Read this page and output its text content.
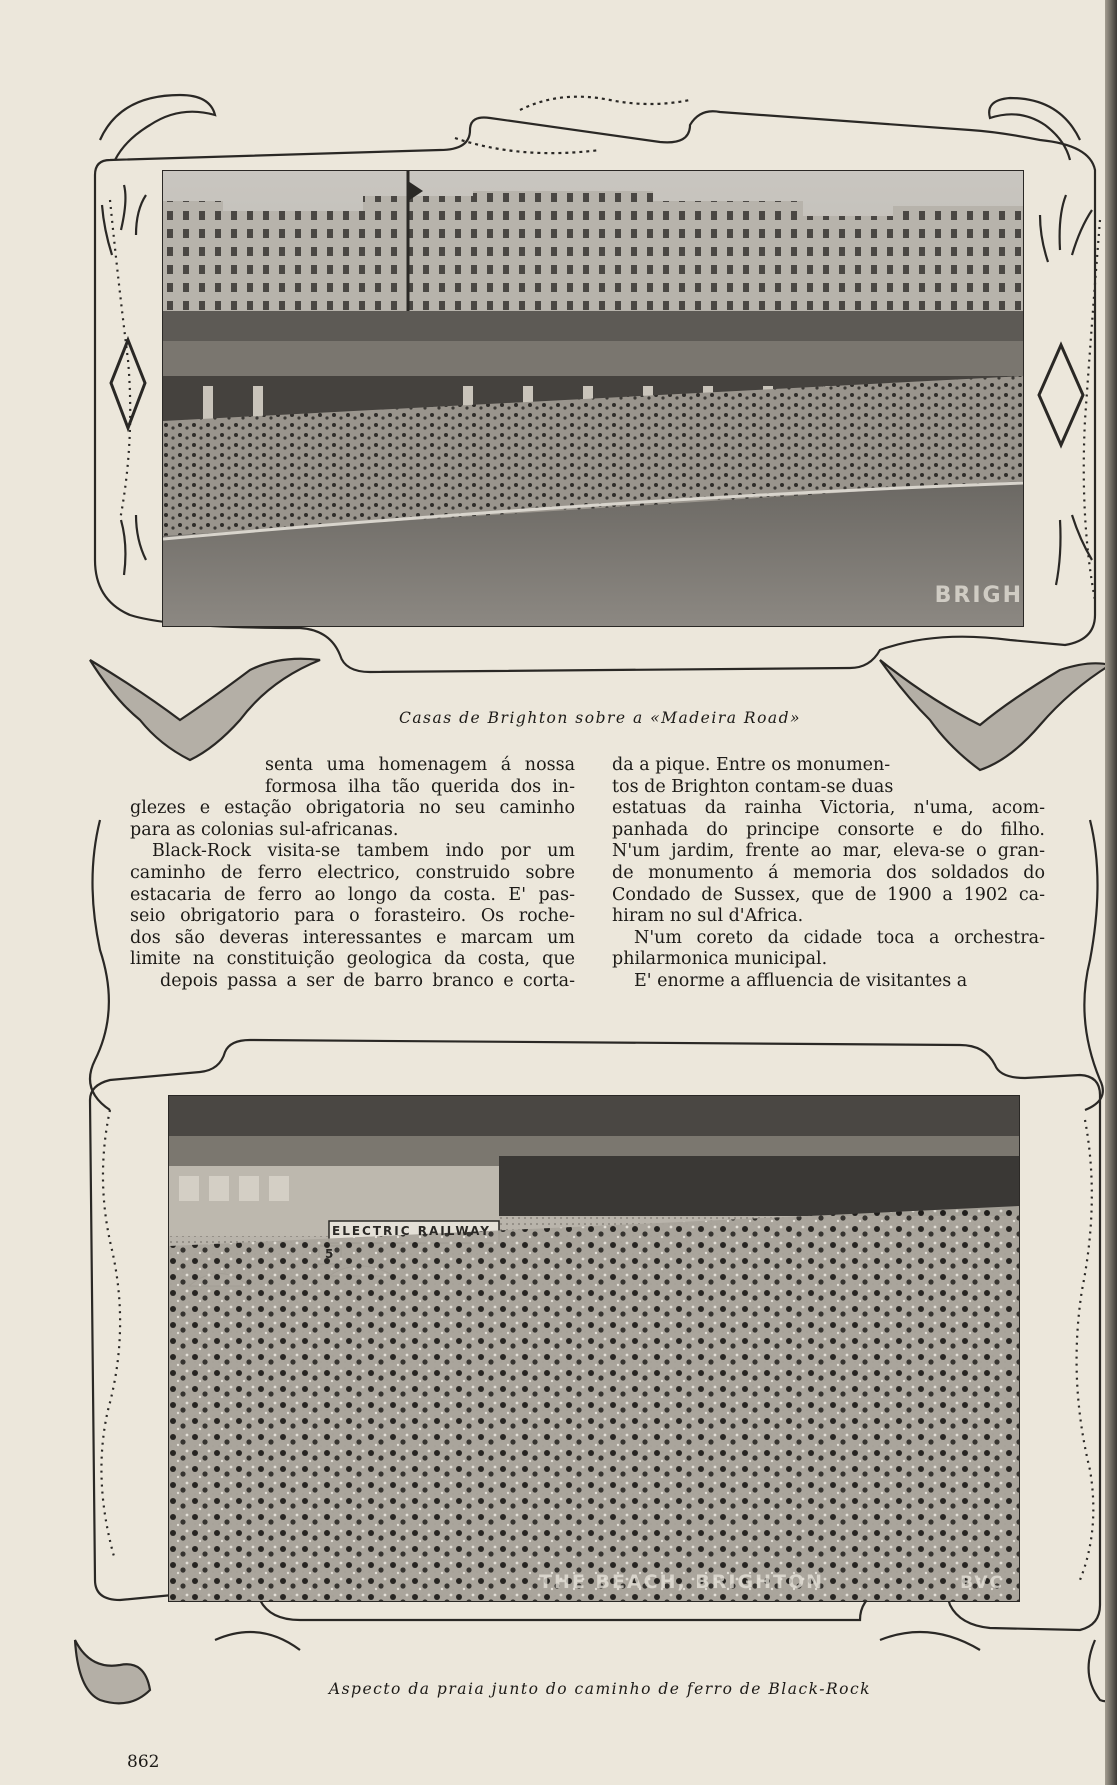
BRIGH
Casas de Brighton sobre a «Madeira Road»
senta uma homenagem á nossa
formosa ilha tão querida dos in-
glezes e estação obrigatoria no seu caminho
para as colonias sul-africanas.
Black-Rock visita-se tambem indo por um
caminho de ferro electrico, construido sobre
estacaria de ferro ao longo da costa. E' pas-
seio obrigatorio para o forasteiro. Os roche-
dos são deveras interessantes e marcam um
limite na constituição geologica da costa, que
depois passa a ser de barro branco e corta-
da a pique. Entre os monumen-
tos de Brighton contam-se duas
estatuas da rainha Victoria, n'uma, acom-
panhada do principe consorte e do filho.
N'um jardim, frente ao mar, eleva-se o gran-
de monumento á memoria dos soldados do
Condado de Sussex, que de 1900 a 1902 ca-
hiram no sul d'Africa.
N'um coreto da cidade toca a orchestra-
philarmonica municipal.
E' enorme a affluencia de visitantes a
ELECTRIC RAILWAY
5
THE BEACH, BRIGHTON	BVC
Aspecto da praia junto do caminho de ferro de Black-Rock
862
